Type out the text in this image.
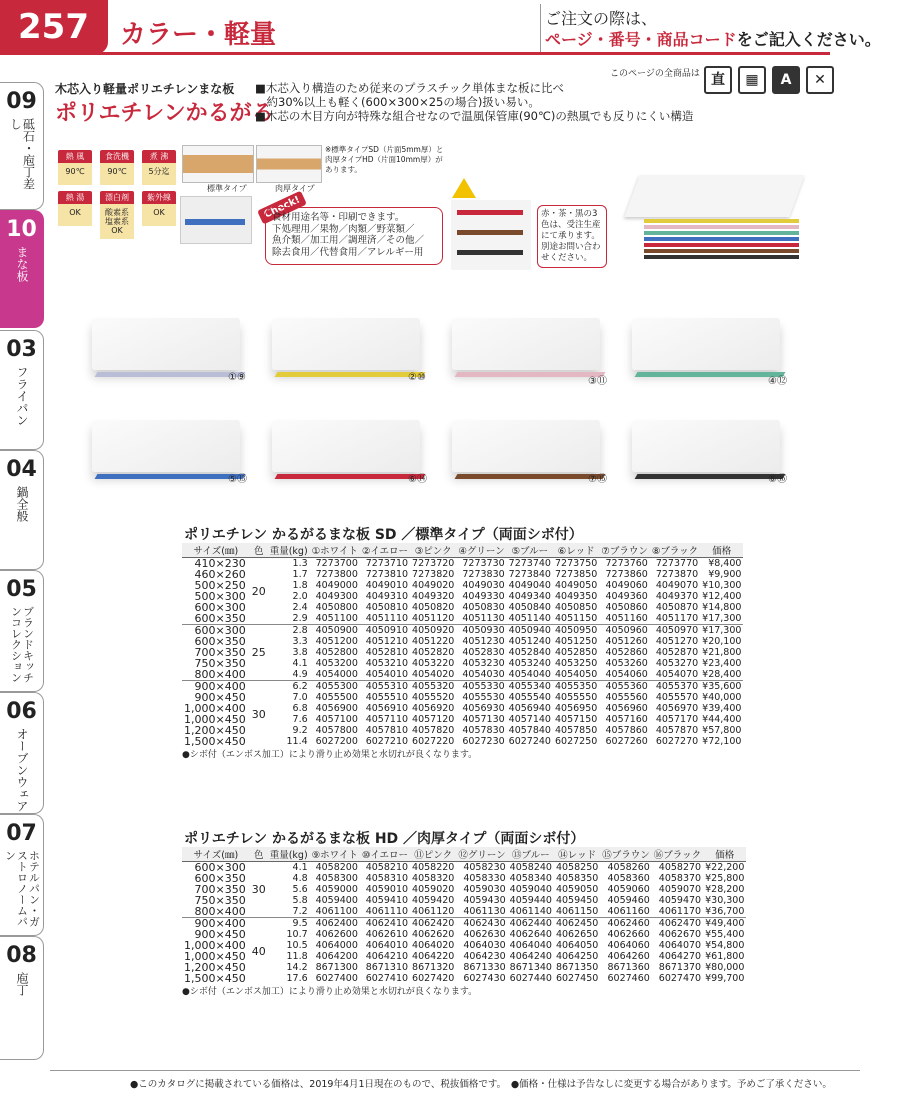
257	カラー・軽量
ご注文の際は、
ページ・番号・商品コードをご記入ください。
このページの全商品は 直	▦	A	✕
09
砥石・庖丁差し
10
まな板
03
フライパン
04
鍋全般
05
ブランドキッチンコレクション
06
オーブンウェア
07
ホテルパン・ガストロノームパン
08
庖丁
木芯入り軽量ポリエチレンまな板
ポリエチレンかるがる
■木芯入り構造のため従来のプラスチック単体まな板に比べ
　約30%以上も軽く(600×300×25の場合)扱い易い。
■木芯の木目方向が特殊な組合せなので温風保管庫(90℃)の熱風でも反りにくい構造
熱 風
90℃
食洗機
90℃
煮 沸
5分迄
熱 湯
OK
漂白剤
酸素系
塩素系
OK
紫外線
OK
標準タイプ	肉厚タイプ
※標準タイプSD（片面5mm厚）と肉厚タイプHD（片面10mm厚）があります。
Check!
食材用途名等・印刷できます。
下処理用／果物／肉類／野菜類／
魚介類／加工用／調理済／その他／
除去食用／代替食用／アレルギー用
赤・茶・黒の3色は、受注生産にて承ります。別途お問い合わせください。
①⑨	②⑩	③⑪	④⑫
⑤⑬	⑥⑭	⑦⑮	⑧⑯
ポリエチレン かるがるまな板 SD ／標準タイプ（両面シボ付）
サイズ(㎜)	色	重量(kg)	①ホワイト	②イエロー	③ピンク	④グリーン	⑤ブルー	⑥レッド	⑦ブラウン	⑧ブラック	価格
410×230	20	1.3	7273700	7273710	7273720	7273730	7273740	7273750	7273760	7273770	¥8,400
460×260		1.7	7273800	7273810	7273820	7273830	7273840	7273850	7273860	7273870	¥9,900
500×250		1.8	4049000	4049010	4049020	4049030	4049040	4049050	4049060	4049070	¥10,300
500×300		2.0	4049300	4049310	4049320	4049330	4049340	4049350	4049360	4049370	¥12,400
600×300		2.4	4050800	4050810	4050820	4050830	4050840	4050850	4050860	4050870	¥14,800
600×350		2.9	4051100	4051110	4051120	4051130	4051140	4051150	4051160	4051170	¥17,300
600×300	25	2.8	4050900	4050910	4050920	4050930	4050940	4050950	4050960	4050970	¥17,300
600×350		3.3	4051200	4051210	4051220	4051230	4051240	4051250	4051260	4051270	¥20,100
700×350		3.8	4052800	4052810	4052820	4052830	4052840	4052850	4052860	4052870	¥21,800
750×350		4.1	4053200	4053210	4053220	4053230	4053240	4053250	4053260	4053270	¥23,400
800×400		4.9	4054000	4054010	4054020	4054030	4054040	4054050	4054060	4054070	¥28,400
900×400	30	6.2	4055300	4055310	4055320	4055330	4055340	4055350	4055360	4055370	¥35,600
900×450		7.0	4055500	4055510	4055520	4055530	4055540	4055550	4055560	4055570	¥40,000
1,000×400		6.8	4056900	4056910	4056920	4056930	4056940	4056950	4056960	4056970	¥39,400
1,000×450		7.6	4057100	4057110	4057120	4057130	4057140	4057150	4057160	4057170	¥44,400
1,200×450		9.2	4057800	4057810	4057820	4057830	4057840	4057850	4057860	4057870	¥57,800
1,500×450		11.4	6027200	6027210	6027220	6027230	6027240	6027250	6027260	6027270	¥72,100
●シボ付（エンボス加工）により滑り止め効果と水切れが良くなります。
ポリエチレン かるがるまな板 HD ／肉厚タイプ（両面シボ付）
サイズ(㎜)	色	重量(kg)	⑨ホワイト	⑩イエロー	⑪ピンク	⑫グリーン	⑬ブルー	⑭レッド	⑮ブラウン	⑯ブラック	価格
600×300	30	4.1	4058200	4058210	4058220	4058230	4058240	4058250	4058260	4058270	¥22,200
600×350		4.8	4058300	4058310	4058320	4058330	4058340	4058350	4058360	4058370	¥25,800
700×350		5.6	4059000	4059010	4059020	4059030	4059040	4059050	4059060	4059070	¥28,200
750×350		5.8	4059400	4059410	4059420	4059430	4059440	4059450	4059460	4059470	¥30,300
800×400		7.2	4061100	4061110	4061120	4061130	4061140	4061150	4061160	4061170	¥36,700
900×400	40	9.5	4062400	4062410	4062420	4062430	4062440	4062450	4062460	4062470	¥49,400
900×450		10.7	4062600	4062610	4062620	4062630	4062640	4062650	4062660	4062670	¥55,400
1,000×400		10.5	4064000	4064010	4064020	4064030	4064040	4064050	4064060	4064070	¥54,800
1,000×450		11.8	4064200	4064210	4064220	4064230	4064240	4064250	4064260	4064270	¥61,800
1,200×450		14.2	8671300	8671310	8671320	8671330	8671340	8671350	8671360	8671370	¥80,000
1,500×450		17.6	6027400	6027410	6027420	6027430	6027440	6027450	6027460	6027470	¥99,700
●シボ付（エンボス加工）により滑り止め効果と水切れが良くなります。
●このカタログに掲載されている価格は、2019年4月1日現在のもので、税抜価格です。　●価格・仕様は予告なしに変更する場合があります。予めご了承ください。
